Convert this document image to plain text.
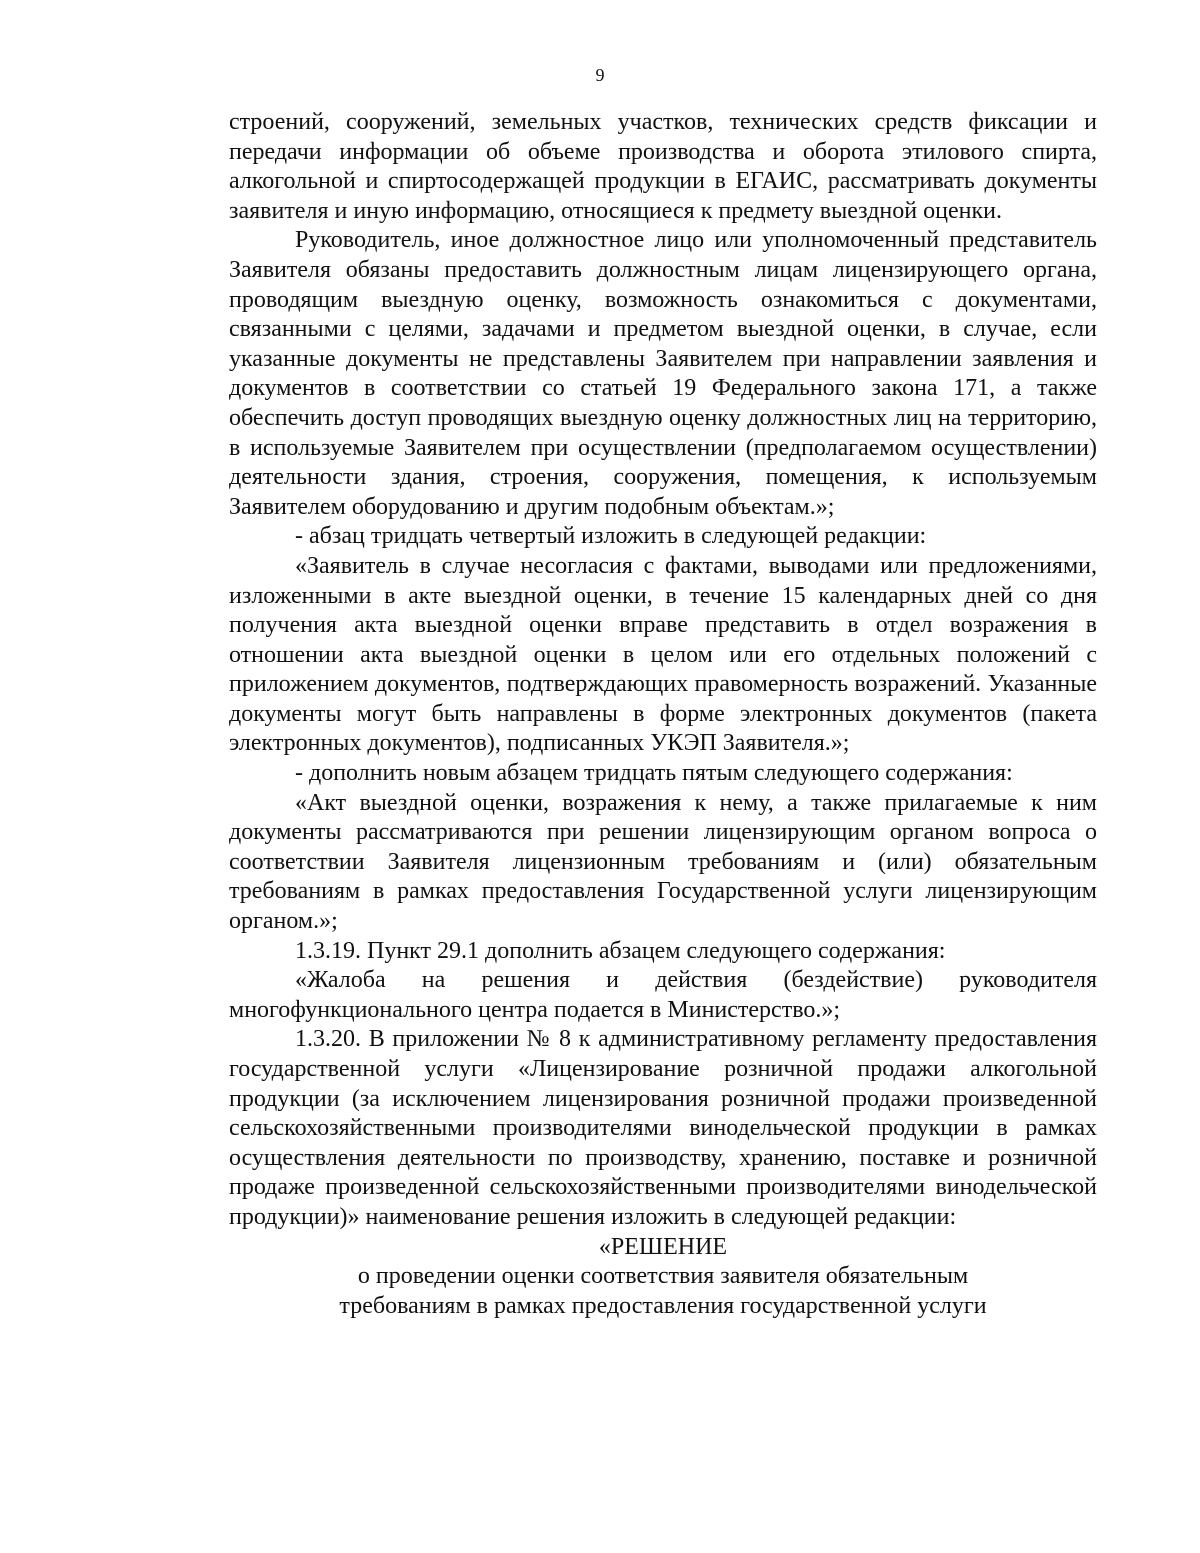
9

строений, сооружений, земельных участков, технических средств фиксации и передачи информации об объеме производства и оборота этилового спирта, алкогольной и спиртосодержащей продукции в ЕГАИС, рассматривать документы заявителя и иную информацию, относящиеся к предмету выездной оценки.

Руководитель, иное должностное лицо или уполномоченный представитель Заявителя обязаны предоставить должностным лицам лицензирующего органа, проводящим выездную оценку, возможность ознакомиться с документами, связанными с целями, задачами и предметом выездной оценки, в случае, если указанные документы не представлены Заявителем при направлении заявления и документов в соответствии со статьей 19 Федерального закона 171, а также обеспечить доступ проводящих выездную оценку должностных лиц на территорию, в используемые Заявителем при осуществлении (предполагаемом осуществлении) деятельности здания, строения, сооружения, помещения, к используемым Заявителем оборудованию и другим подобным объектам.»;

- абзац тридцать четвертый изложить в следующей редакции:

«Заявитель в случае несогласия с фактами, выводами или предложениями, изложенными в акте выездной оценки, в течение 15 календарных дней со дня получения акта выездной оценки вправе представить в отдел возражения в отношении акта выездной оценки в целом или его отдельных положений с приложением документов, подтверждающих правомерность возражений. Указанные документы могут быть направлены в форме электронных документов (пакета электронных документов), подписанных УКЭП Заявителя.»;

- дополнить новым абзацем тридцать пятым следующего содержания:

«Акт выездной оценки, возражения к нему, а также прилагаемые к ним документы рассматриваются при решении лицензирующим органом вопроса о соответствии Заявителя лицензионным требованиям и (или) обязательным требованиям в рамках предоставления Государственной услуги лицензирующим органом.»;

1.3.19. Пункт 29.1 дополнить абзацем следующего содержания:

«Жалоба на решения и действия (бездействие) руководителя многофункционального центра подается в Министерство.»;

1.3.20. В приложении № 8 к административному регламенту предоставления государственной услуги «Лицензирование розничной продажи алкогольной продукции (за исключением лицензирования розничной продажи произведенной сельскохозяйственными производителями винодельческой продукции в рамках осуществления деятельности по производству, хранению, поставке и розничной продаже произведенной сельскохозяйственными производителями винодельческой продукции)» наименование решения изложить в следующей редакции:

«РЕШЕНИЕ

о проведении оценки соответствия заявителя обязательным

требованиям в рамках предоставления государственной услуги
